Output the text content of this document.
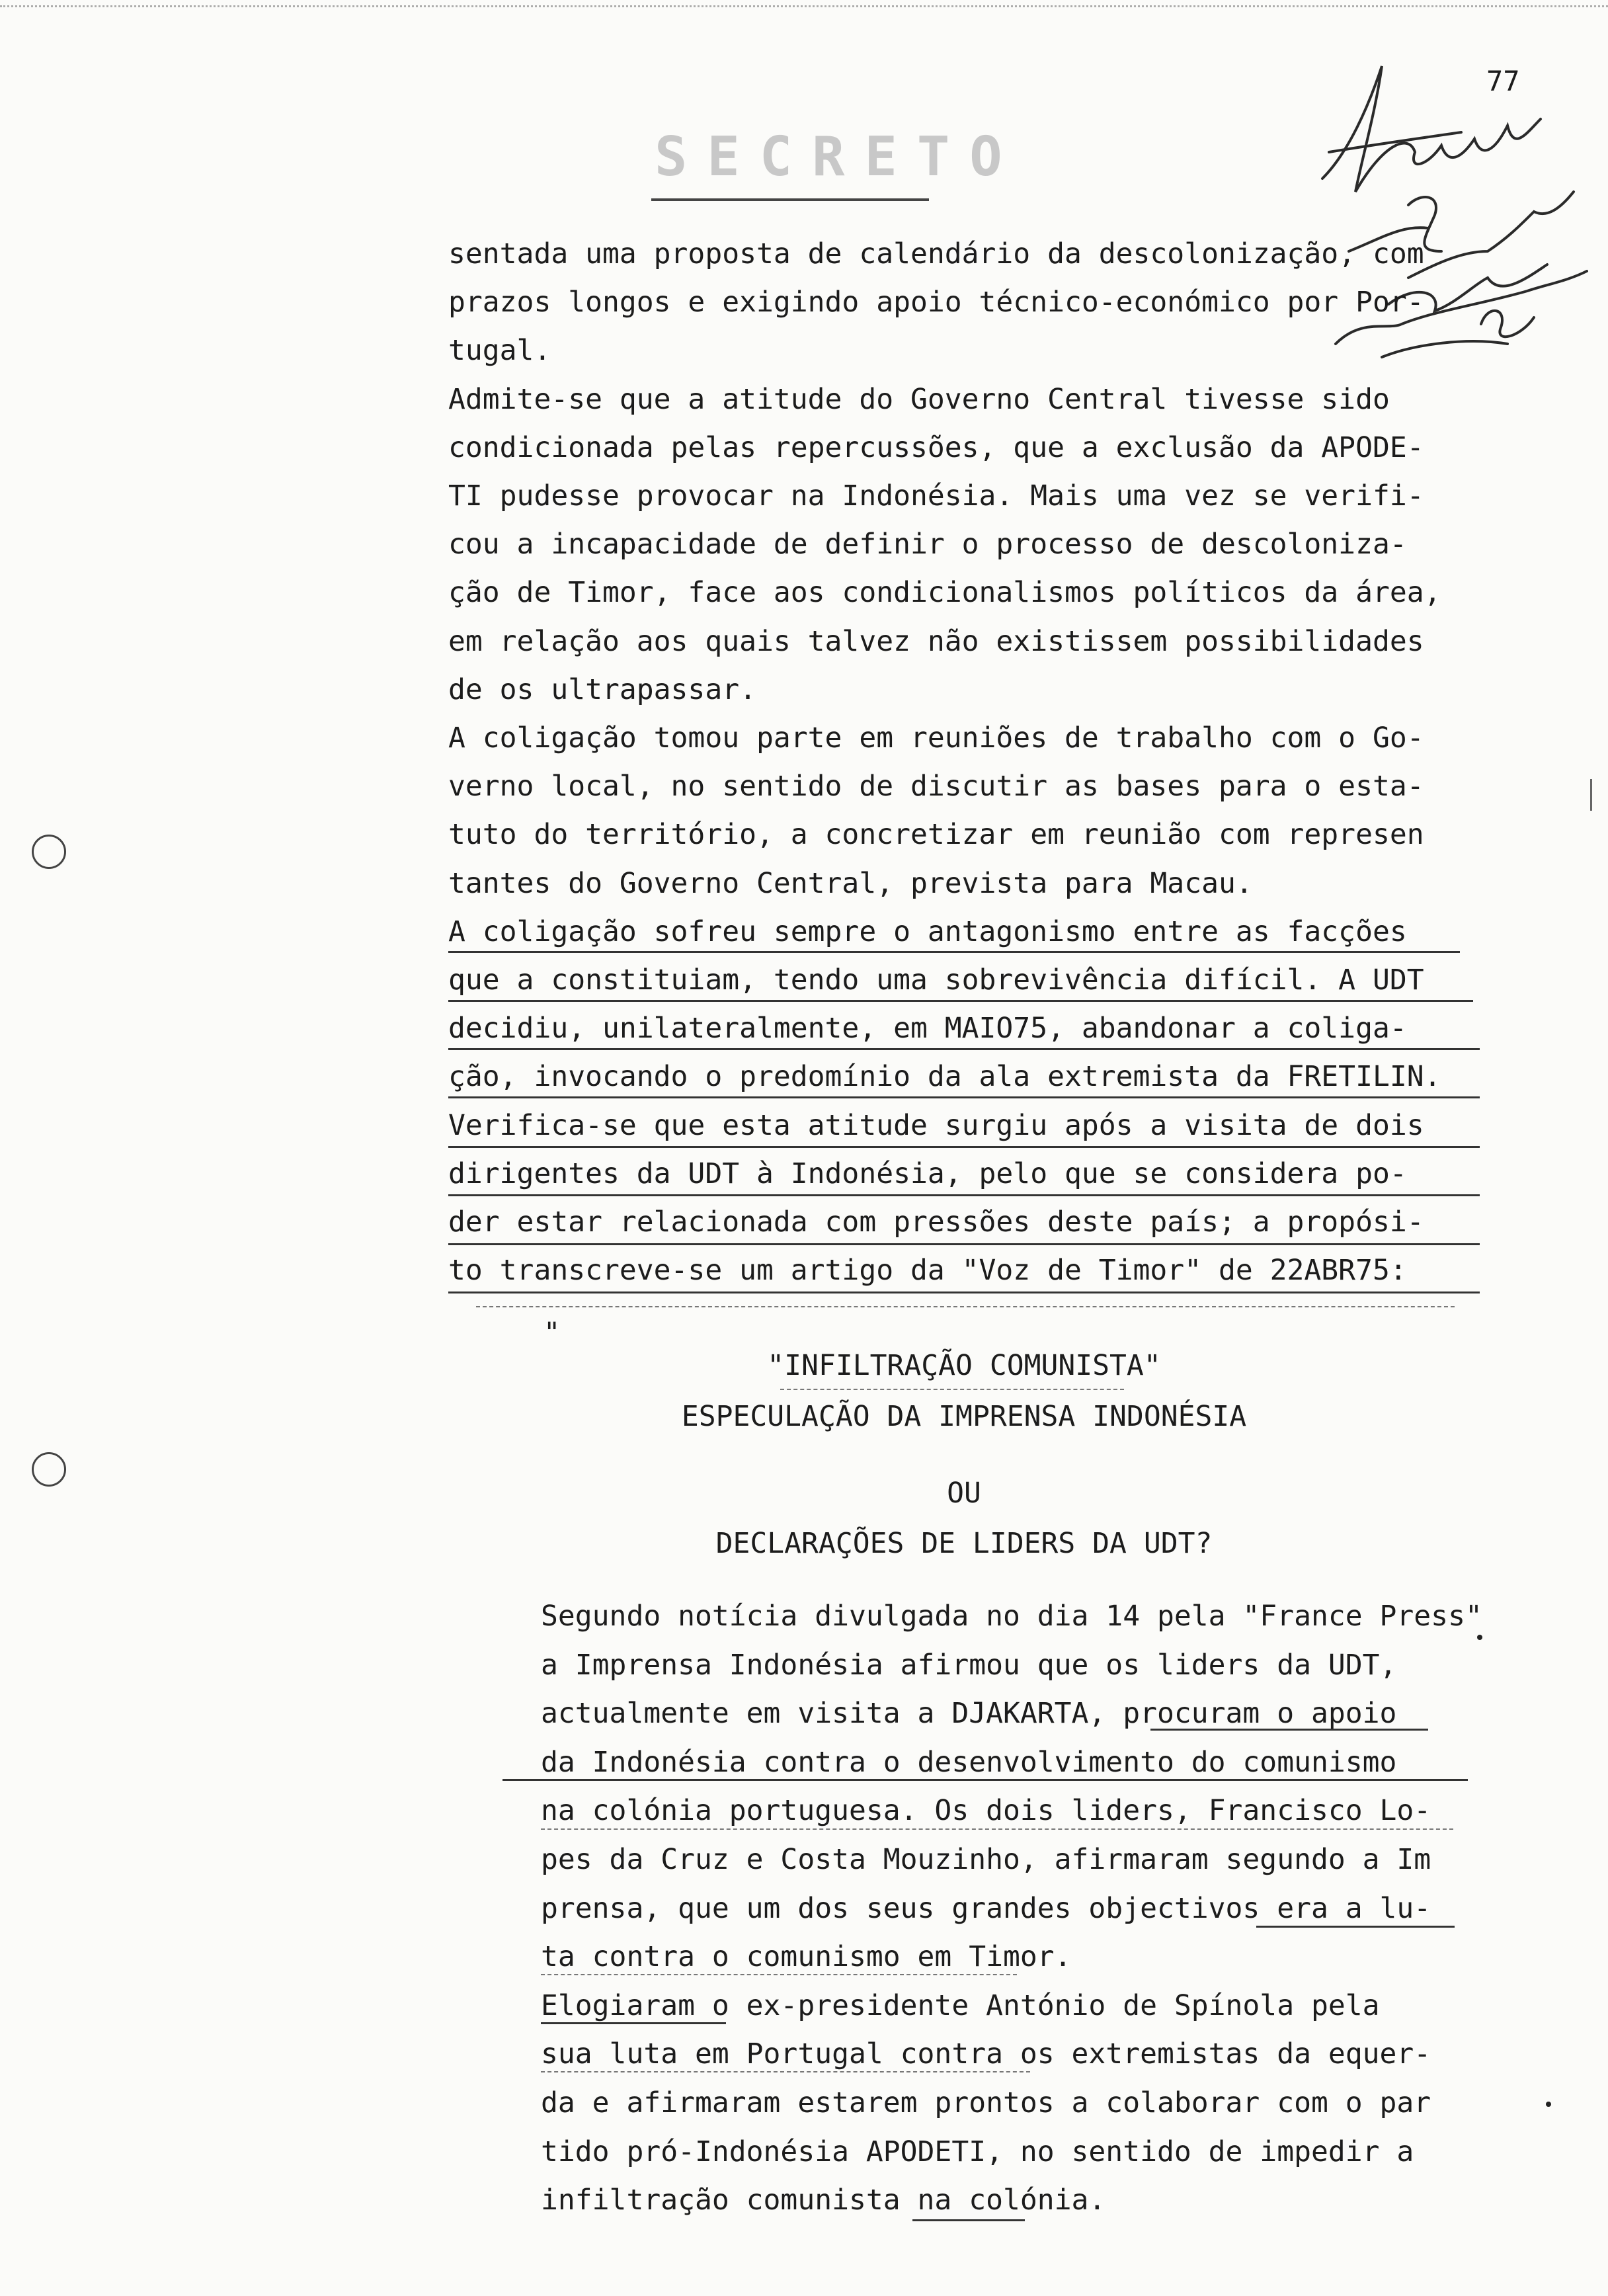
77
SECRETO

sentada uma proposta de calendário da descolonização, com
prazos longos e exigindo apoio técnico-económico por Por-
tugal.

Admite-se que a atitude do Governo Central tivesse sido
condicionada pelas repercussões, que a exclusão da APODE-
TI pudesse provocar na Indonésia. Mais uma vez se verifi-
cou a incapacidade de definir o processo de descoloniza-
ção de Timor, face aos condicionalismos políticos da área,
em relação aos quais talvez não existissem possibilidades
de os ultrapassar.

A coligação tomou parte em reuniões de trabalho com o Go-
verno local, no sentido de discutir as bases para o esta-
tuto do território, a concretizar em reunião com represen
tantes do Governo Central, prevista para Macau.

A coligação sofreu sempre o antagonismo entre as facções
que a constituiam, tendo uma sobrevivência difícil. A UDT
decidiu, unilateralmente, em MAIO75, abandonar a coliga-
ção, invocando o predomínio da ala extremista da FRETILIN.
Verifica-se que esta atitude surgiu após a visita de dois
dirigentes da UDT à Indonésia, pelo que se considera po-
der estar relacionada com pressões deste país; a propósi-
to transcreve-se um artigo da "Voz de Timor" de 22ABR75:

"
"INFILTRAÇÃO COMUNISTA"
ESPECULAÇÃO DA IMPRENSA INDONÉSIA
OU
DECLARAÇÕES DE LIDERS DA UDT?

Segundo notícia divulgada no dia 14 pela "France Press"
a Imprensa Indonésia afirmou que os liders da UDT,
actualmente em visita a DJAKARTA, procuram o apoio
da Indonésia contra o desenvolvimento do comunismo
na colónia portuguesa. Os dois liders, Francisco Lo-
pes da Cruz e Costa Mouzinho, afirmaram segundo a Im
prensa, que um dos seus grandes objectivos era a lu-
ta contra o comunismo em Timor.

Elogiaram o ex-presidente António de Spínola pela
sua luta em Portugal contra os extremistas da equer-
da e afirmaram estarem prontos a colaborar com o par
tido pró-Indonésia APODETI, no sentido de impedir a
infiltração comunista na colónia.
